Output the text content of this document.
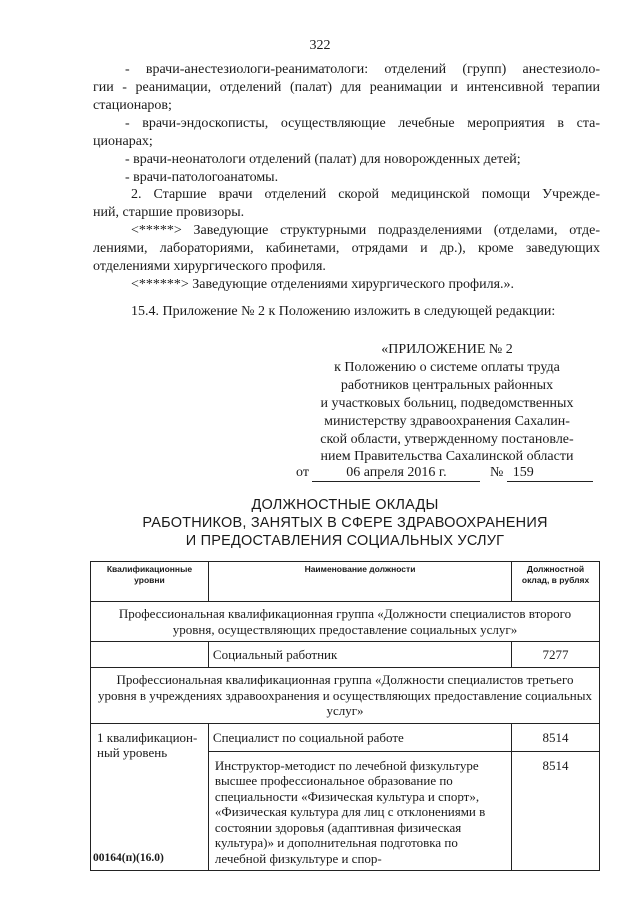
322
- врачи-анестезиологи-реаниматологи: отделений (групп) анестезиоло-
гии - реанимации, отделений (палат) для реанимации и интенсивной терапии
стационаров;
- врачи-эндоскописты, осуществляющие лечебные мероприятия в ста-
ционарах;
- врачи-неонатологи отделений (палат) для новорожденных детей;
- врачи-патологоанатомы.
2. Старшие врачи отделений скорой медицинской помощи Учрежде-
ний, старшие провизоры.
<*****> Заведующие структурными подразделениями (отделами, отде-
лениями, лабораториями, кабинетами, отрядами и др.), кроме заведующих
отделениями хирургического профиля.
<******> Заведующие отделениями хирургического профиля.».
15.4. Приложение № 2 к Положению изложить в следующей редакции:
«ПРИЛОЖЕНИЕ № 2
к Положению о системе оплаты труда
работников центральных районных
и участковых больниц, подведомственных
министерству здравоохранения Сахалин-
ской области, утвержденному постановле-
нием Правительства Сахалинской области
от	06 апреля 2016 г.	№ 159
ДОЛЖНОСТНЫЕ ОКЛАДЫ
РАБОТНИКОВ, ЗАНЯТЫХ В СФЕРЕ ЗДРАВООХРАНЕНИЯ
И ПРЕДОСТАВЛЕНИЯ СОЦИАЛЬНЫХ УСЛУГ
Квалификационные уровни	Наименование должности	Должностной оклад, в рублях
Профессиональная квалификационная группа «Должности специалистов второго уровня, осуществляющих предоставление социальных услуг»		
	Социальный работник	7277
Профессиональная квалификационная группа «Должности специалистов третьего уровня в учреждениях здравоохранения и осуществляющих предоставление социальных услуг»		
1 квалификацион-ный уровень	Специалист по социальной работе	8514
	Инструктор-методист по лечебной физкультуре высшее профессиональное образование по специальности «Физическая культура и спорт», «Физическая культура для лиц с отклонениями в состоянии здоровья (адаптивная физическая культура)» и дополнительная подготовка по лечебной физкультуре и спор-	8514
00164(п)(16.0)
